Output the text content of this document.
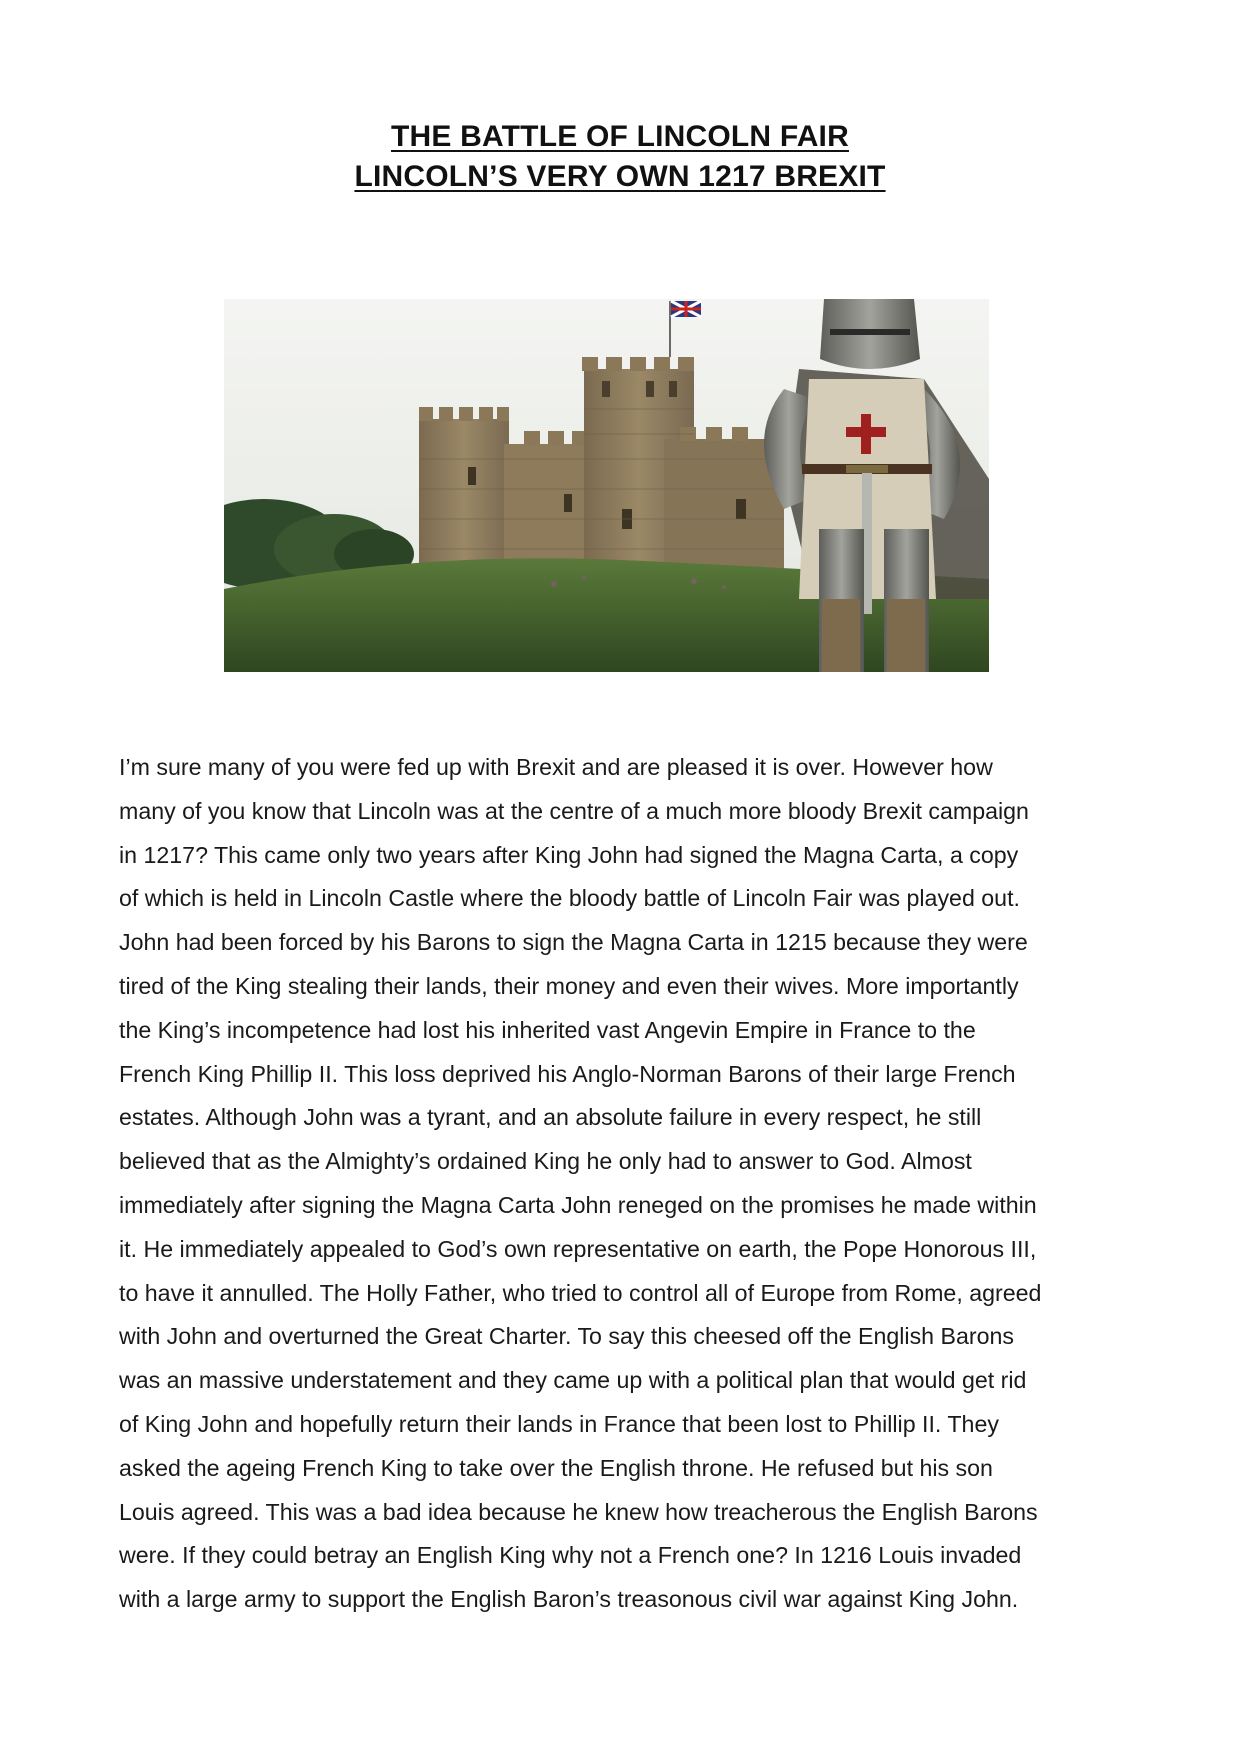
THE BATTLE OF LINCOLN FAIR
LINCOLN’S VERY OWN 1217 BREXIT

I’m sure many of you were fed up with Brexit and are pleased it is over. However how
many of you know that Lincoln was at the centre of a much more bloody Brexit campaign
in 1217? This came only two years after King John had signed the Magna Carta, a copy
of which is held in Lincoln Castle where the bloody battle of Lincoln Fair was played out.

John had been forced by his Barons to sign the Magna Carta in 1215 because they were
tired of the King stealing their lands, their money and even their wives. More importantly
the King’s incompetence had lost his inherited vast Angevin Empire in France to the
French King Phillip II. This loss deprived his Anglo-Norman Barons of their large French
estates. Although John was a tyrant, and an absolute failure in every respect, he still
believed that as the Almighty’s ordained King he only had to answer to God. Almost
immediately after signing the Magna Carta John reneged on the promises he made within
it. He immediately appealed to God’s own representative on earth, the Pope Honorous III,
to have it annulled. The Holly Father, who tried to control all of Europe from Rome, agreed
with John and overturned the Great Charter. To say this cheesed off the English Barons
was an massive understatement and they came up with a political plan that would get rid
of King John and hopefully return their lands in France that been lost to Phillip II. They
asked the ageing French King to take over the English throne. He refused but his son
Louis agreed. This was a bad idea because he knew how treacherous the English Barons
were. If they could betray an English King why not a French one? In 1216 Louis invaded
with a large army to support the English Baron’s treasonous civil war against King John.
